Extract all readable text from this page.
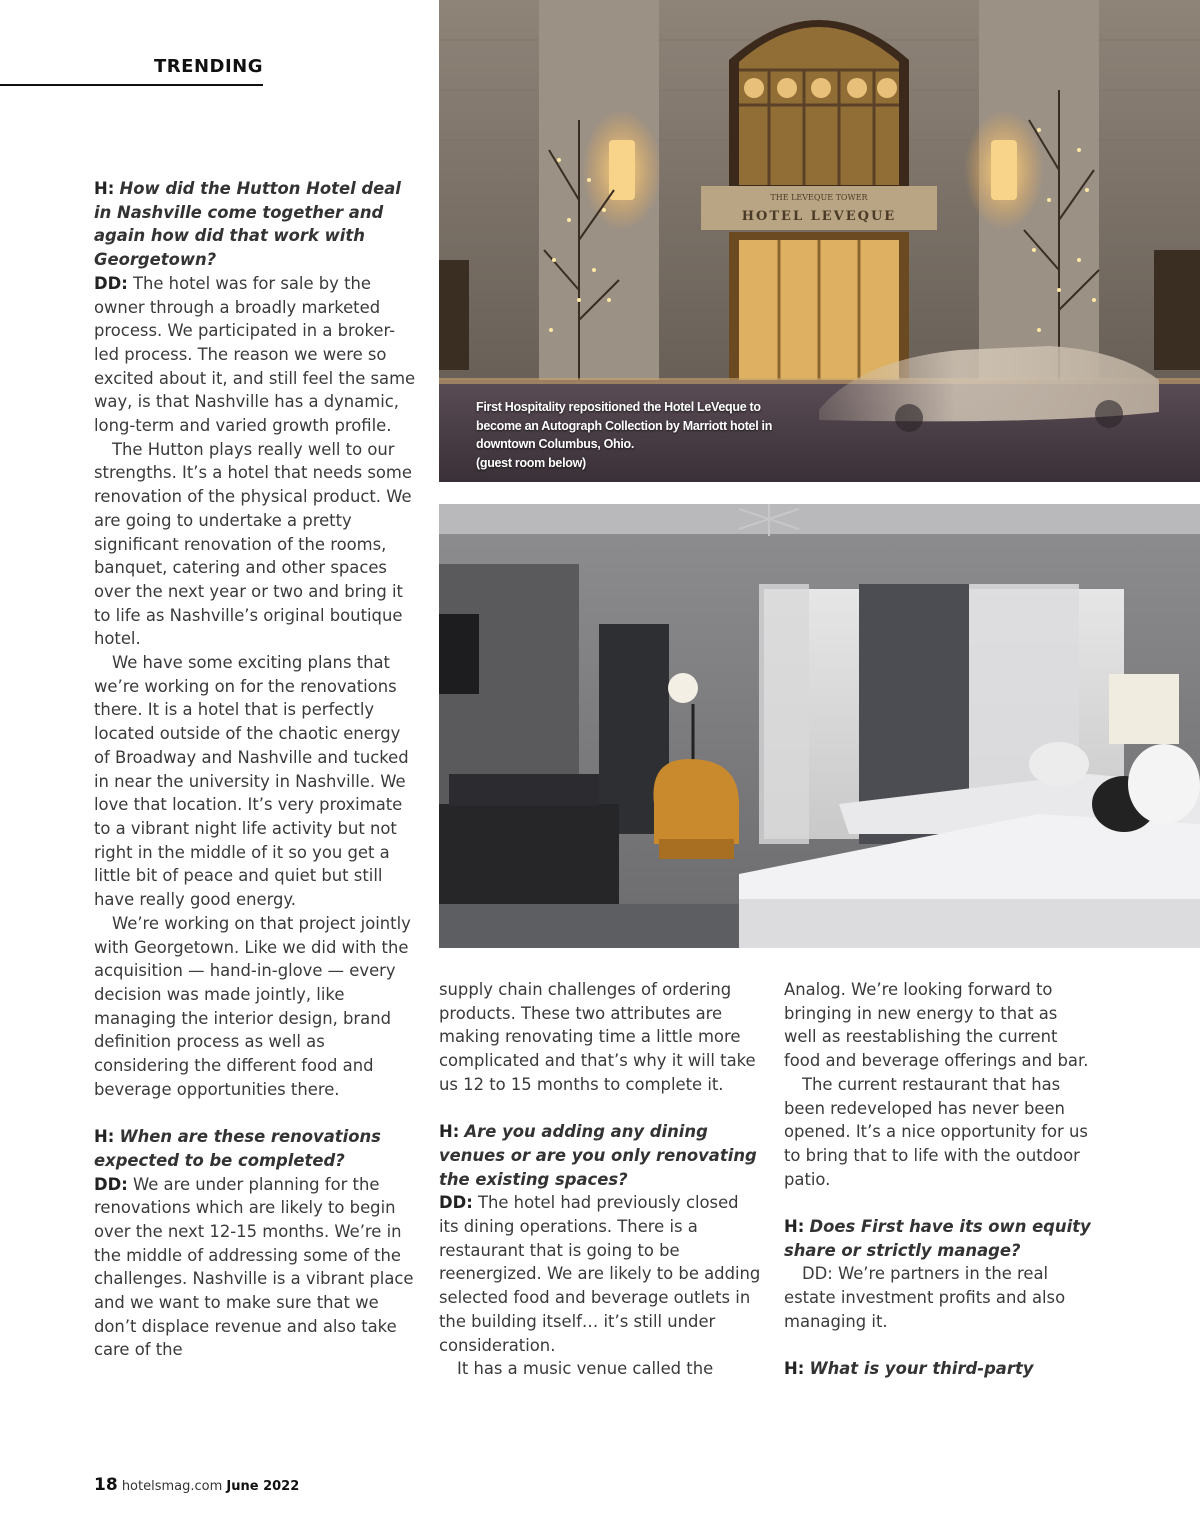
TRENDING

H: How did the Hutton Hotel deal in Nashville come together and again how did that work with Georgetown?

DD: The hotel was for sale by the owner through a broadly marketed process. We participated in a broker-led process. The reason we were so excited about it, and still feel the same way, is that Nashville has a dynamic, long-term and varied growth profile.

The Hutton plays really well to our strengths. It’s a hotel that needs some renovation of the physical product. We are going to undertake a pretty significant renovation of the rooms, banquet, catering and other spaces over the next year or two and bring it to life as Nashville’s original boutique hotel.

We have some exciting plans that we’re working on for the renovations there. It is a hotel that is perfectly located outside of the chaotic energy of Broadway and Nashville and tucked in near the university in Nashville. We love that location. It’s very proximate to a vibrant night life activity but not right in the middle of it so you get a little bit of peace and quiet but still have really good energy.

We’re working on that project jointly with Georgetown. Like we did with the acquisition — hand-in-glove — every decision was made jointly, like managing the interior design, brand definition process as well as considering the different food and beverage opportunities there.

H: When are these renovations expected to be completed?

DD: We are under planning for the renovations which are likely to begin over the next 12-15 months. We’re in the middle of addressing some of the challenges. Nashville is a vibrant place and we want to make sure that we don’t displace revenue and also take care of the

THE LEVEQUE TOWER
HOTEL LEVEQUE
First Hospitality repositioned the Hotel LeVeque to
become an Autograph Collection by Marriott hotel in
downtown Columbus, Ohio.
(guest room below)

supply chain challenges of ordering products. These two attributes are making renovating time a little more complicated and that’s why it will take us 12 to 15 months to complete it.

H: Are you adding any dining venues or are you only renovating the existing spaces?

DD: The hotel had previously closed its dining operations. There is a restaurant that is going to be reenergized. We are likely to be adding selected food and beverage outlets in the building itself… it’s still under consideration.

It has a music venue called the

Analog. We’re looking forward to bringing in new energy to that as well as reestablishing the current food and beverage offerings and bar.

The current restaurant that has been redeveloped has never been opened. It’s a nice opportunity for us to bring that to life with the outdoor patio.

H: Does First have its own equity share or strictly manage?

DD: We’re partners in the real estate investment profits and also managing it.

H: What is your third-party

18 hotelsmag.com June 2022
